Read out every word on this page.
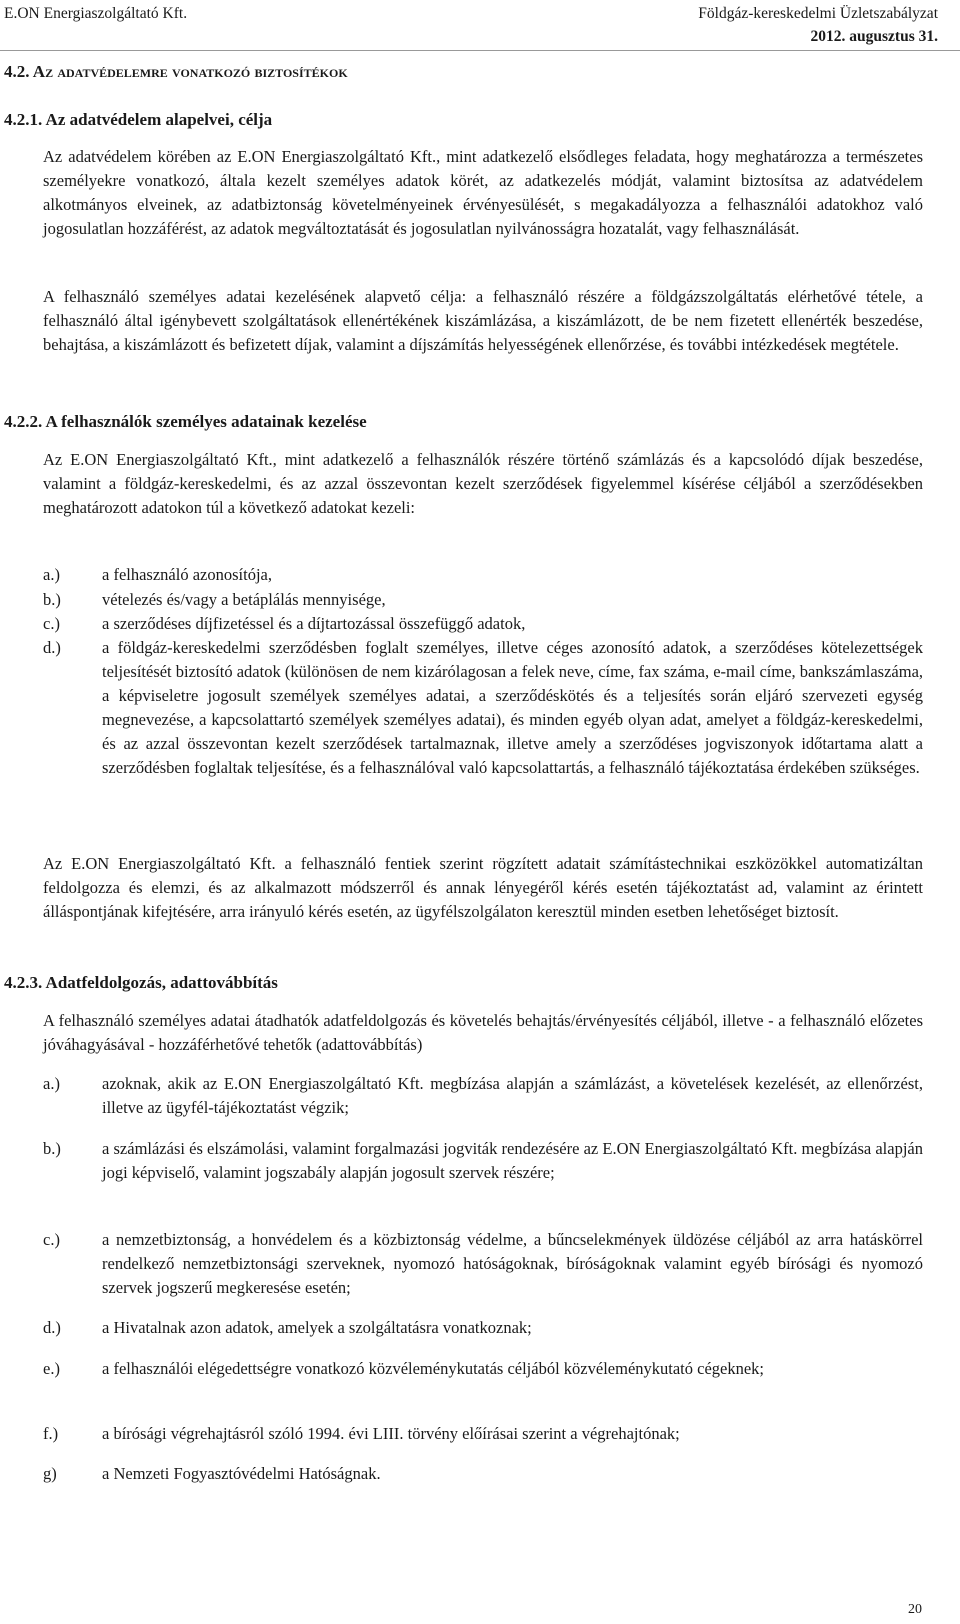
E.ON Energiaszolgáltató Kft.	Földgáz-kereskedelmi Üzletszabályzat
2012. augusztus 31.
4.2. Az adatvédelemre vonatkozó biztosítékok
4.2.1. Az adatvédelem alapelvei, célja
Az adatvédelem körében az E.ON Energiaszolgáltató Kft., mint adatkezelő elsődleges feladata, hogy meghatározza a természetes személyekre vonatkozó, általa kezelt személyes adatok körét, az adatkezelés módját, valamint biztosítsa az adatvédelem alkotmányos elveinek, az adatbiztonság követelményeinek érvényesülését, s megakadályozza a felhasználói adatokhoz való jogosulatlan hozzáférést, az adatok megváltoztatását és jogosulatlan nyilvánosságra hozatalát, vagy felhasználását.
A felhasználó személyes adatai kezelésének alapvető célja: a felhasználó részére a földgázszolgáltatás elérhetővé tétele, a felhasználó által igénybevett szolgáltatások ellenértékének kiszámlázása, a kiszámlázott, de be nem fizetett ellenérték beszedése, behajtása, a kiszámlázott és befizetett díjak, valamint a díjszámítás helyességének ellenőrzése, és további intézkedések megtétele.
4.2.2. A felhasználók személyes adatainak kezelése
Az E.ON Energiaszolgáltató Kft., mint adatkezelő a felhasználók részére történő számlázás és a kapcsolódó díjak beszedése, valamint a földgáz-kereskedelmi, és az azzal összevontan kezelt szerződések figyelemmel kísérése céljából a szerződésekben meghatározott adatokon túl a következő adatokat kezeli:
a.)	a felhasználó azonosítója,
b.) vételezés és/vagy a betáplálás mennyisége,
c.)	a szerződéses díjfizetéssel és a díjtartozással összefüggő adatok,
d.) a földgáz-kereskedelmi szerződésben foglalt személyes, illetve céges azonosító adatok, a szerződéses kötelezettségek teljesítését biztosító adatok (különösen de nem kizárólagosan a felek neve, címe, fax száma, e-mail címe, bankszámlaszáma, a képviseletre jogosult személyek személyes adatai, a szerződéskötés és a teljesítés során eljáró szervezeti egység megnevezése, a kapcsolattartó személyek személyes adatai), és minden egyéb olyan adat, amelyet a földgáz-kereskedelmi, és az azzal összevontan kezelt szerződések tartalmaznak, illetve amely a szerződéses jogviszonyok időtartama alatt a szerződésben foglaltak teljesítése, és a felhasználóval való kapcsolattartás, a felhasználó tájékoztatása érdekében szükséges.
Az E.ON Energiaszolgáltató Kft. a felhasználó fentiek szerint rögzített adatait számítástechnikai eszközökkel automatizáltan feldolgozza és elemzi, és az alkalmazott módszerről és annak lényegéről kérés esetén tájékoztatást ad, valamint az érintett álláspontjának kifejtésére, arra irányuló kérés esetén, az ügyfélszolgálaton keresztül minden esetben lehetőséget biztosít.
4.2.3. Adatfeldolgozás, adattovábbítás
A felhasználó személyes adatai átadhatók adatfeldolgozás és követelés behajtás/érvényesítés céljából, illetve - a felhasználó előzetes jóváhagyásával - hozzáférhetővé tehetők (adattovábbítás)
a.)	azoknak, akik az E.ON Energiaszolgáltató Kft. megbízása alapján a számlázást, a követelések kezelését, az ellenőrzést, illetve az ügyfél-tájékoztatást végzik;
b.) a számlázási és elszámolási, valamint forgalmazási jogviták rendezésére az E.ON Energiaszolgáltató Kft. megbízása alapján jogi képviselő, valamint jogszabály alapján jogosult szervek részére;
c.)	a nemzetbiztonság, a honvédelem és a közbiztonság védelme, a bűncselekmények üldözése céljából az arra hatáskörrel rendelkező nemzetbiztonsági szerveknek, nyomozó hatóságoknak, bíróságoknak valamint egyéb bírósági és nyomozó szervek jogszerű megkeresése esetén;
d.) a Hivatalnak azon adatok, amelyek a szolgáltatásra vonatkoznak;
e.)	a felhasználói elégedettségre vonatkozó közvéleménykutatás céljából közvéleménykutató cégeknek;
f.)	a bírósági végrehajtásról szóló 1994. évi LIII. törvény előírásai szerint a végrehajtónak;
g)	a Nemzeti Fogyasztóvédelmi Hatóságnak.
20
